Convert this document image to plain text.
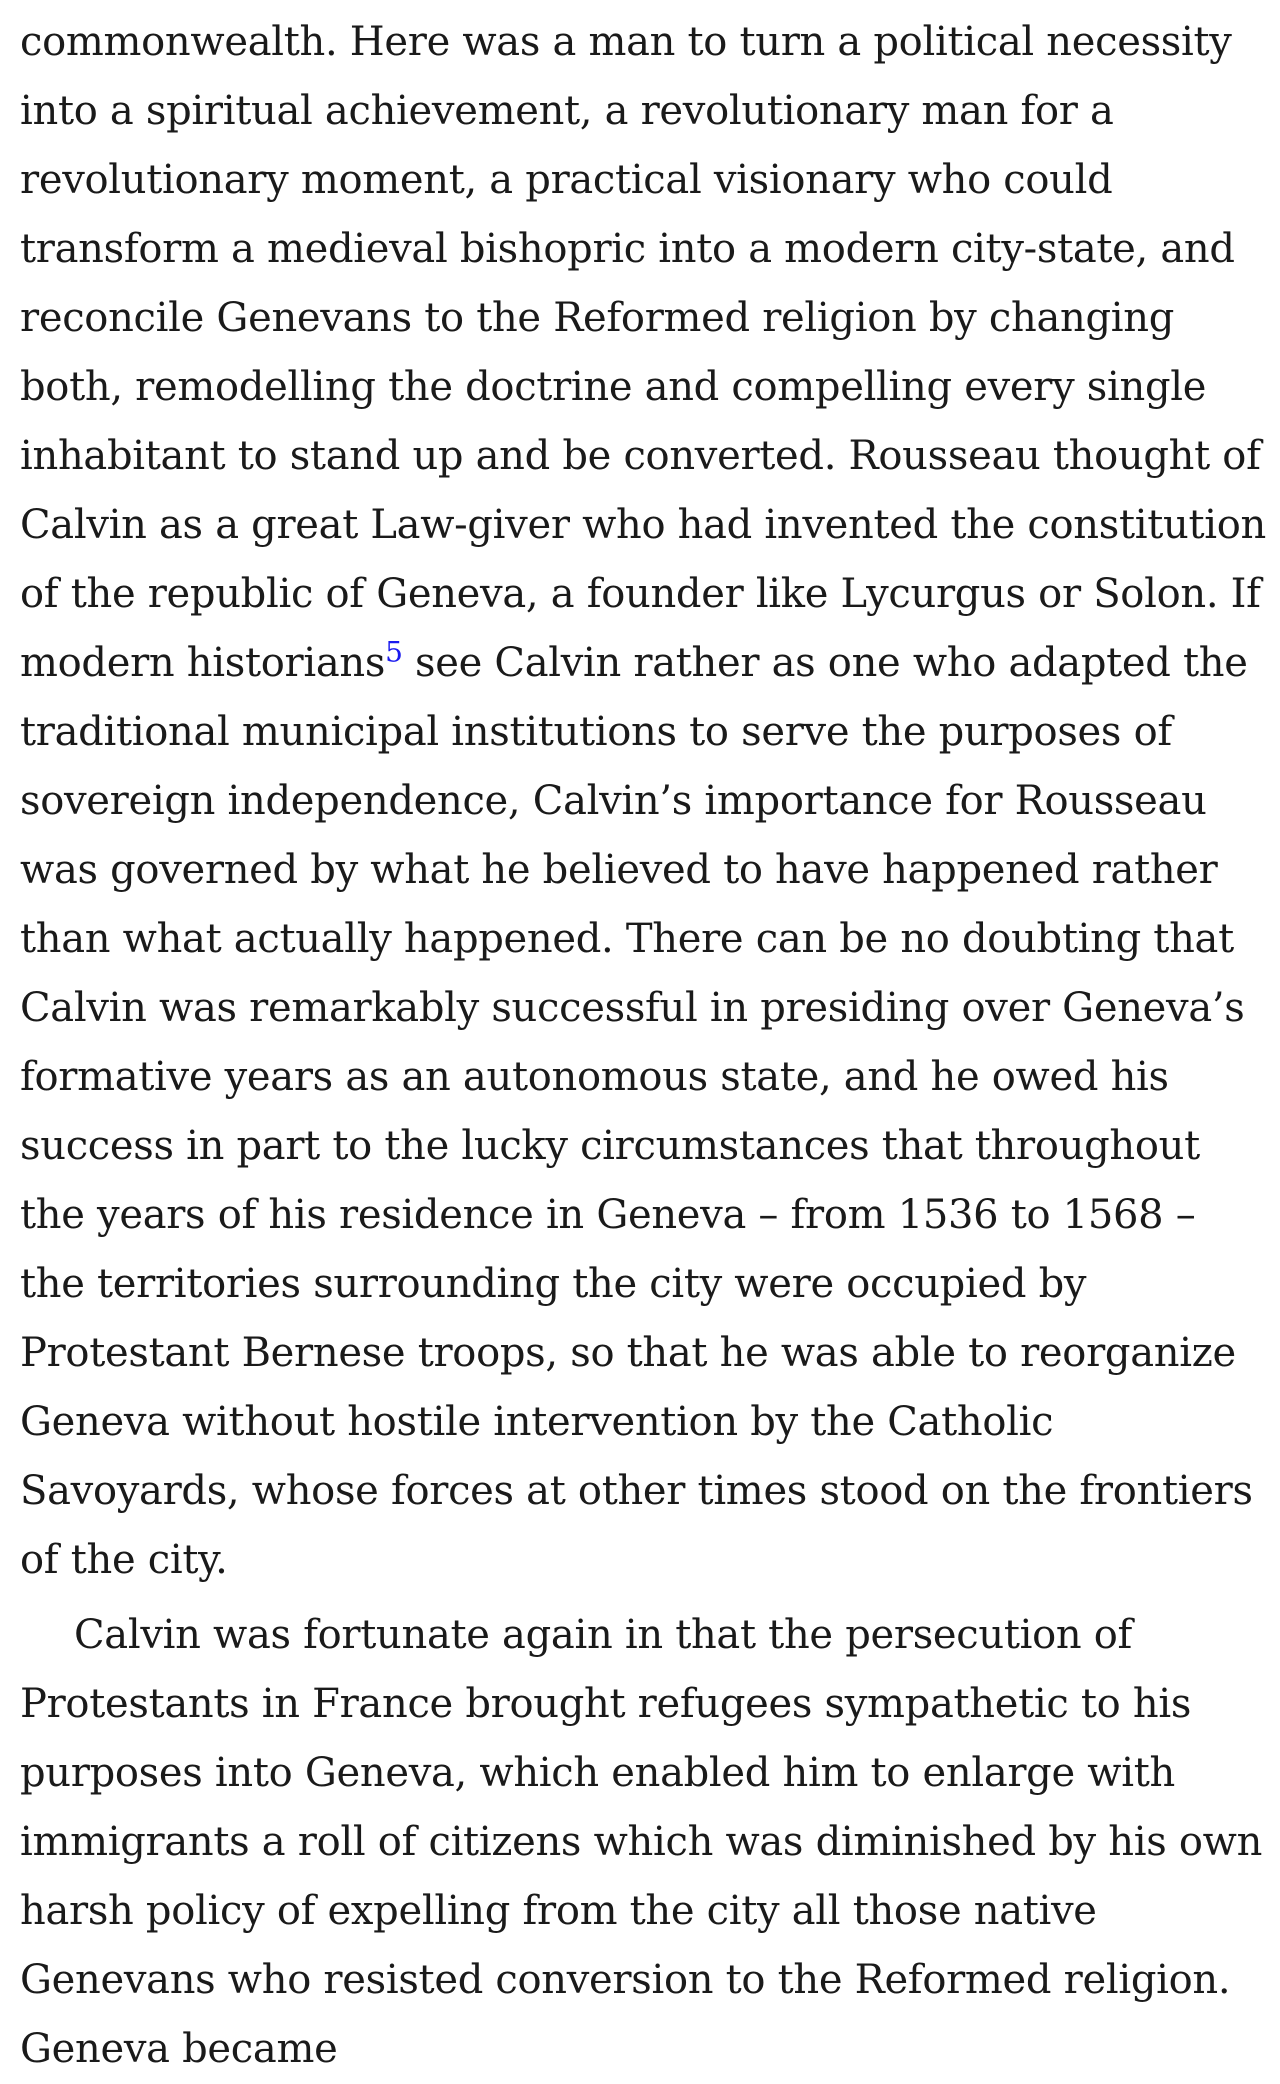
commonwealth. Here was a man to turn a political necessity into a spiritual achievement, a revolutionary man for a revolutionary moment, a practical visionary who could transform a medieval bishopric into a modern city-state, and reconcile Genevans to the Reformed religion by changing both, remodelling the doctrine and compelling every single inhabitant to stand up and be converted. Rousseau thought of Calvin as a great Law-giver who had invented the constitution of the republic of Geneva, a founder like Lycurgus or Solon. If modern historians$^5$ see Calvin rather as one who adapted the traditional municipal institutions to serve the purposes of sovereign independence, Calvin’s importance for Rousseau was governed by what he believed to have happened rather than what actually happened. There can be no doubting that Calvin was remarkably successful in presiding over Geneva’s formative years as an autonomous state, and he owed his success in part to the lucky circumstances that throughout the years of his residence in Geneva – from 1536 to 1568 – the territories surrounding the city were occupied by Protestant Bernese troops, so that he was able to reorganize Geneva without hostile intervention by the Catholic Savoyards, whose forces at other times stood on the frontiers of the city.

Calvin was fortunate again in that the persecution of Protestants in France brought refugees sympathetic to his purposes into Geneva, which enabled him to enlarge with immigrants a roll of citizens which was diminished by his own harsh policy of expelling from the city all those native Genevans who resisted conversion to the Reformed religion. Geneva became
